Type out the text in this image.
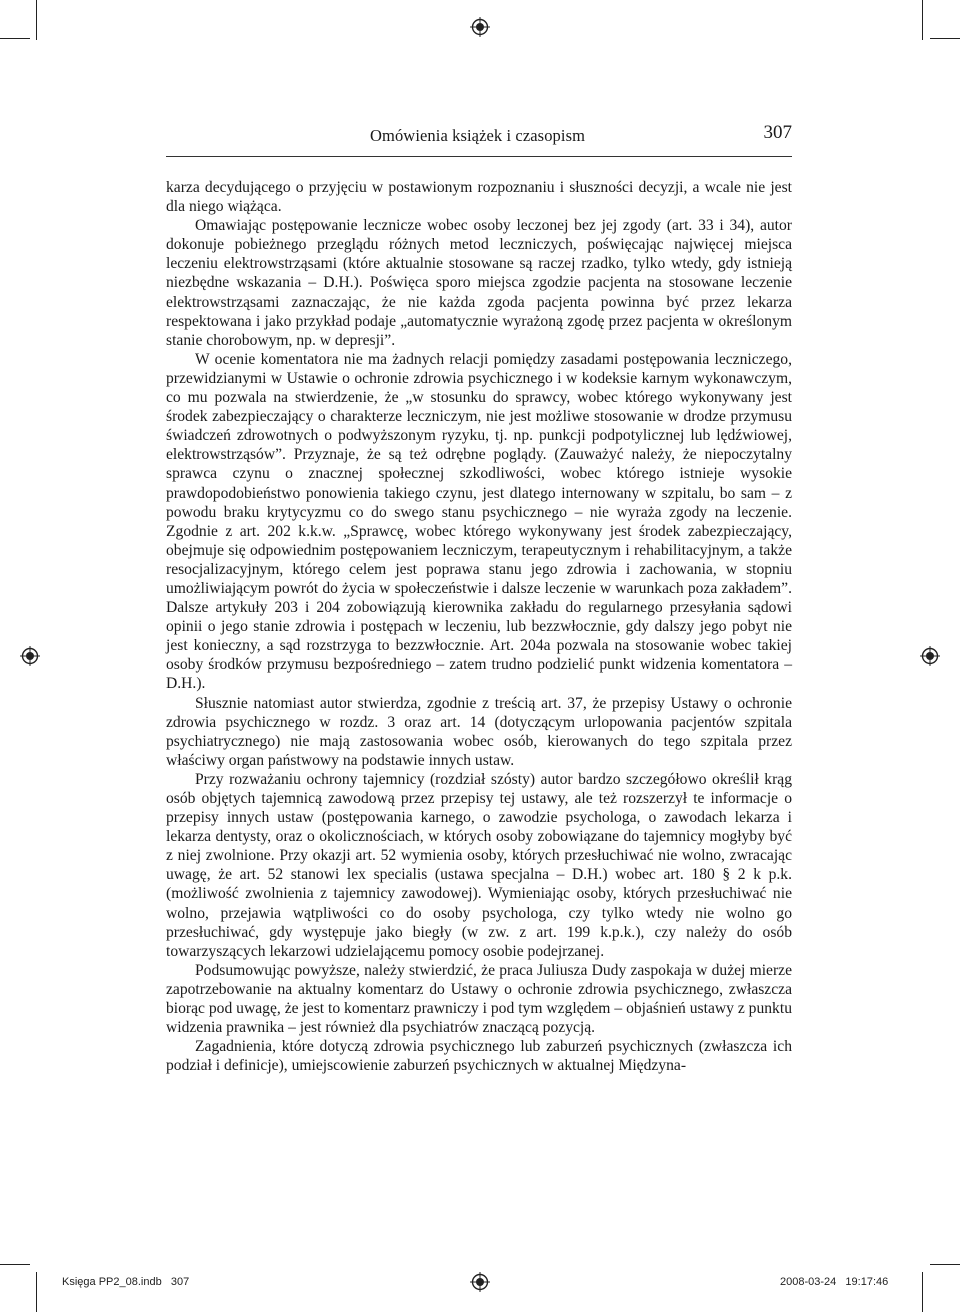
Omówienia książek i czasopism	307

karza decydującego o przyjęciu w postawionym rozpoznaniu i słuszności decyzji, a wcale nie jest dla niego wiążąca.

Omawiając postępowanie lecznicze wobec osoby leczonej bez jej zgody (art. 33 i 34), autor dokonuje pobieżnego przeglądu różnych metod leczniczych, poświęcając najwięcej miejsca leczeniu elektrowstrząsami (które aktualnie stosowane są raczej rzadko, tylko wtedy, gdy istnieją niezbędne wskazania – D.H.). Poświęca sporo miejsca zgodzie pacjenta na stosowane leczenie elektrowstrząsami zaznaczając, że nie każda zgoda pacjenta powinna być przez lekarza respektowana i jako przykład podaje „automatycznie wyrażoną zgodę przez pacjenta w określonym stanie chorobowym, np. w depresji”.

W ocenie komentatora nie ma żadnych relacji pomiędzy zasadami postępowania leczniczego, przewidzianymi w Ustawie o ochronie zdrowia psychicznego i w kodeksie karnym wykonawczym, co mu pozwala na stwierdzenie, że „w stosunku do sprawcy, wobec którego wykonywany jest środek zabezpieczający o charakterze leczniczym, nie jest możliwe stosowanie w drodze przymusu świadczeń zdrowotnych o podwyższonym ryzyku, tj. np. punkcji podpotylicznej lub lędźwiowej, elektrowstrząsów”. Przyznaje, że są też odrębne poglądy. (Zauważyć należy, że niepoczytalny sprawca czynu o znacznej społecznej szkodliwości, wobec którego istnieje wysokie prawdopodobieństwo ponowienia takiego czynu, jest dlatego internowany w szpitalu, bo sam – z powodu braku krytycyzmu co do swego stanu psychicznego – nie wyraża zgody na leczenie. Zgodnie z art. 202 k.k.w. „Sprawcę, wobec którego wykonywany jest środek zabezpieczający, obejmuje się odpowiednim postępowaniem leczniczym, terapeutycznym i rehabilitacyjnym, a także resocjalizacyjnym, którego celem jest poprawa stanu jego zdrowia i zachowania, w stopniu umożliwiającym powrót do życia w społeczeństwie i dalsze leczenie w warunkach poza zakładem”. Dalsze artykuły 203 i 204 zobowiązują kierownika zakładu do regularnego przesyłania sądowi opinii o jego stanie zdrowia i postępach w leczeniu, lub bezzwłocznie, gdy dalszy jego pobyt nie jest konieczny, a sąd rozstrzyga to bezzwłocznie. Art. 204a pozwala na stosowanie wobec takiej osoby środków przymusu bezpośredniego – zatem trudno podzielić punkt widzenia komentatora – D.H.).

Słusznie natomiast autor stwierdza, zgodnie z treścią art. 37, że przepisy Ustawy o ochronie zdrowia psychicznego w rozdz. 3 oraz art. 14 (dotyczącym urlopowania pacjentów szpitala psychiatrycznego) nie mają zastosowania wobec osób, kierowanych do tego szpitala przez właściwy organ państwowy na podstawie innych ustaw.

Przy rozważaniu ochrony tajemnicy (rozdział szósty) autor bardzo szczegółowo określił krąg osób objętych tajemnicą zawodową przez przepisy tej ustawy, ale też rozszerzył te informacje o przepisy innych ustaw (postępowania karnego, o zawodzie psychologa, o zawodach lekarza i lekarza dentysty, oraz o okolicznościach, w których osoby zobowiązane do tajemnicy mogłyby być z niej zwolnione. Przy okazji art. 52 wymienia osoby, których przesłuchiwać nie wolno, zwracając uwagę, że art. 52 stanowi lex specialis (ustawa specjalna – D.H.) wobec art. 180 § 2 k p.k.(możliwość zwolnienia z tajemnicy zawodowej). Wymieniając osoby, których przesłuchiwać nie wolno, przejawia wątpliwości co do osoby psychologa, czy tylko wtedy nie wolno go przesłuchiwać, gdy występuje jako biegły (w zw. z art. 199 k.p.k.), czy należy do osób towarzyszących lekarzowi udzielającemu pomocy osobie podejrzanej.

Podsumowując powyższe, należy stwierdzić, że praca Juliusza Dudy zaspokaja w dużej mierze zapotrzebowanie na aktualny komentarz do Ustawy o ochronie zdrowia psychicznego, zwłaszcza biorąc pod uwagę, że jest to komentarz prawniczy i pod tym względem – objaśnień ustawy z punktu widzenia prawnika – jest również dla psychiatrów znaczącą pozycją.

Zagadnienia, które dotyczą zdrowia psychicznego lub zaburzeń psychicznych (zwłaszcza ich podział i definicje), umiejscowienie zaburzeń psychicznych w aktualnej Międzyna-

Księga PP2_08.indb   307	2008-03-24   19:17:46
